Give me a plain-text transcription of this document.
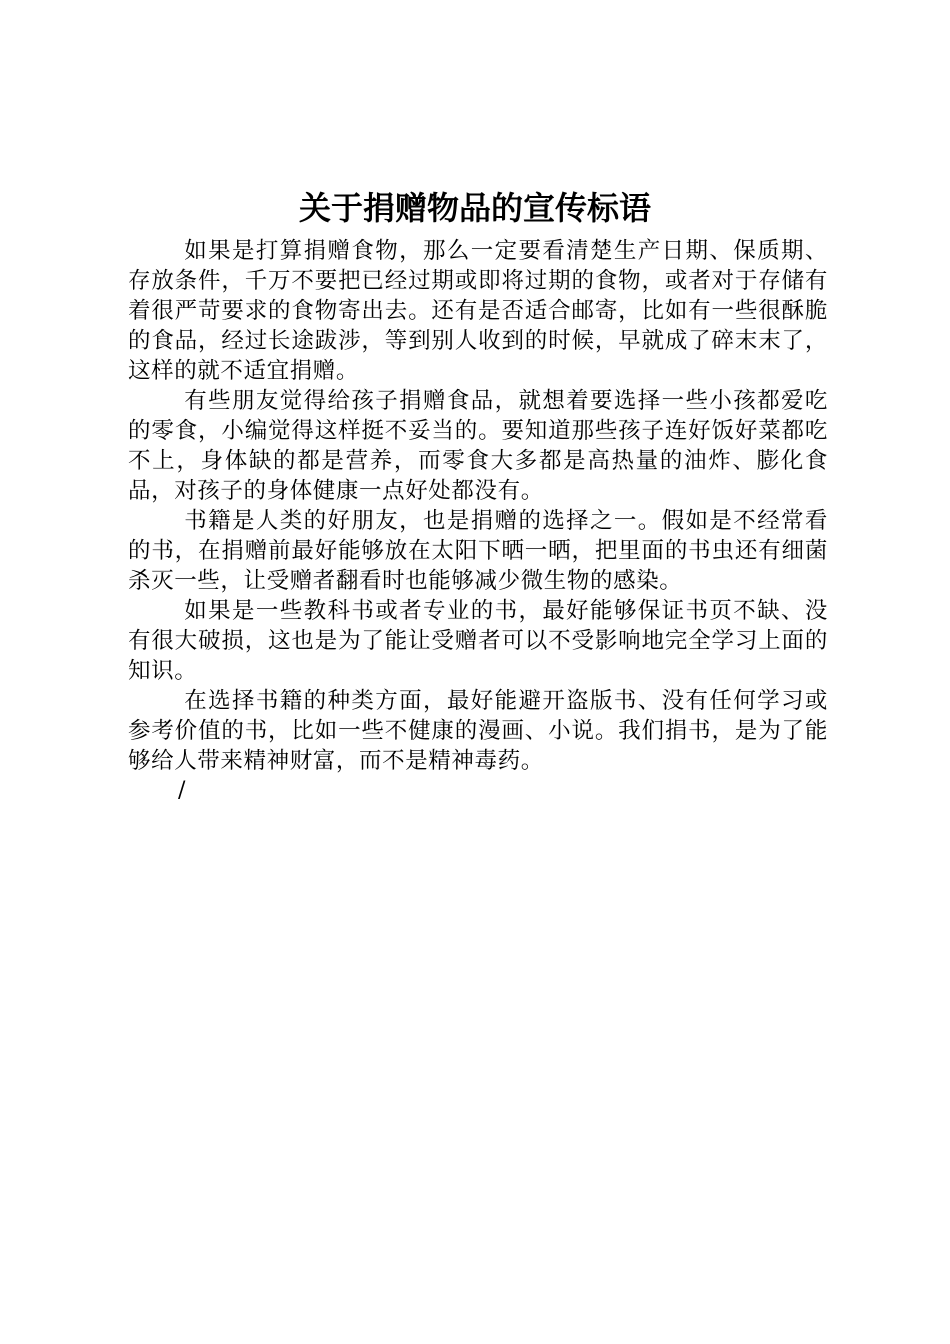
关于捐赠物品的宣传标语

如果是打算捐赠食物，那么一定要看清楚生产日期、保质期、存放条件，千万不要把已经过期或即将过期的食物，或者对于存储有着很严苛要求的食物寄出去。还有是否适合邮寄，比如有一些很酥脆的食品，经过长途跋涉，等到别人收到的时候，早就成了碎末末了，这样的就不适宜捐赠。

有些朋友觉得给孩子捐赠食品，就想着要选择一些小孩都爱吃的零食，小编觉得这样挺不妥当的。要知道那些孩子连好饭好菜都吃不上，身体缺的都是营养，而零食大多都是高热量的油炸、膨化食品，对孩子的身体健康一点好处都没有。

书籍是人类的好朋友，也是捐赠的选择之一。假如是不经常看的书，在捐赠前最好能够放在太阳下晒一晒，把里面的书虫还有细菌杀灭一些，让受赠者翻看时也能够减少微生物的感染。

如果是一些教科书或者专业的书，最好能够保证书页不缺、没有很大破损，这也是为了能让受赠者可以不受影响地完全学习上面的知识。

在选择书籍的种类方面，最好能避开盗版书、没有任何学习或参考价值的书，比如一些不健康的漫画、小说。我们捐书，是为了能够给人带来精神财富，而不是精神毒药。

/
